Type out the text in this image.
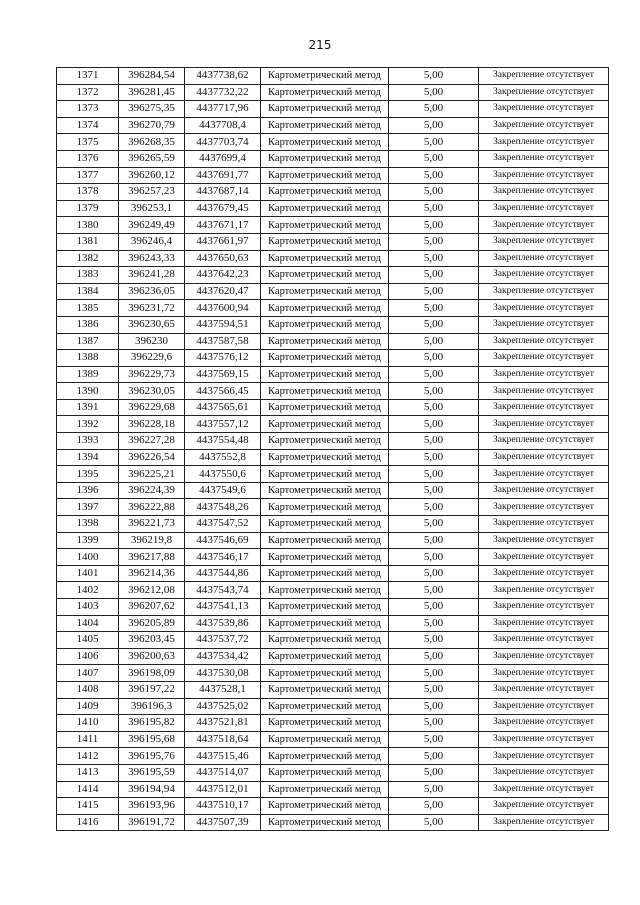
215
1371	396284,54	4437738,62	Картометрический метод	5,00	Закрепление отсутствует
1372	396281,45	4437732,22	Картометрический метод	5,00	Закрепление отсутствует
1373	396275,35	4437717,96	Картометрический метод	5,00	Закрепление отсутствует
1374	396270,79	4437708,4	Картометрический метод	5,00	Закрепление отсутствует
1375	396268,35	4437703,74	Картометрический метод	5,00	Закрепление отсутствует
1376	396265,59	4437699,4	Картометрический метод	5,00	Закрепление отсутствует
1377	396260,12	4437691,77	Картометрический метод	5,00	Закрепление отсутствует
1378	396257,23	4437687,14	Картометрический метод	5,00	Закрепление отсутствует
1379	396253,1	4437679,45	Картометрический метод	5,00	Закрепление отсутствует
1380	396249,49	4437671,17	Картометрический метод	5,00	Закрепление отсутствует
1381	396246,4	4437661,97	Картометрический метод	5,00	Закрепление отсутствует
1382	396243,33	4437650,63	Картометрический метод	5,00	Закрепление отсутствует
1383	396241,28	4437642,23	Картометрический метод	5,00	Закрепление отсутствует
1384	396236,05	4437620,47	Картометрический метод	5,00	Закрепление отсутствует
1385	396231,72	4437600,94	Картометрический метод	5,00	Закрепление отсутствует
1386	396230,65	4437594,51	Картометрический метод	5,00	Закрепление отсутствует
1387	396230	4437587,58	Картометрический метод	5,00	Закрепление отсутствует
1388	396229,6	4437576,12	Картометрический метод	5,00	Закрепление отсутствует
1389	396229,73	4437569,15	Картометрический метод	5,00	Закрепление отсутствует
1390	396230,05	4437566,45	Картометрический метод	5,00	Закрепление отсутствует
1391	396229,68	4437565,61	Картометрический метод	5,00	Закрепление отсутствует
1392	396228,18	4437557,12	Картометрический метод	5,00	Закрепление отсутствует
1393	396227,28	4437554,48	Картометрический метод	5,00	Закрепление отсутствует
1394	396226,54	4437552,8	Картометрический метод	5,00	Закрепление отсутствует
1395	396225,21	4437550,6	Картометрический метод	5,00	Закрепление отсутствует
1396	396224,39	4437549,6	Картометрический метод	5,00	Закрепление отсутствует
1397	396222,88	4437548,26	Картометрический метод	5,00	Закрепление отсутствует
1398	396221,73	4437547,52	Картометрический метод	5,00	Закрепление отсутствует
1399	396219,8	4437546,69	Картометрический метод	5,00	Закрепление отсутствует
1400	396217,88	4437546,17	Картометрический метод	5,00	Закрепление отсутствует
1401	396214,36	4437544,86	Картометрический метод	5,00	Закрепление отсутствует
1402	396212,08	4437543,74	Картометрический метод	5,00	Закрепление отсутствует
1403	396207,62	4437541,13	Картометрический метод	5,00	Закрепление отсутствует
1404	396205,89	4437539,86	Картометрический метод	5,00	Закрепление отсутствует
1405	396203,45	4437537,72	Картометрический метод	5,00	Закрепление отсутствует
1406	396200,63	4437534,42	Картометрический метод	5,00	Закрепление отсутствует
1407	396198,09	4437530,08	Картометрический метод	5,00	Закрепление отсутствует
1408	396197,22	4437528,1	Картометрический метод	5,00	Закрепление отсутствует
1409	396196,3	4437525,02	Картометрический метод	5,00	Закрепление отсутствует
1410	396195,82	4437521,81	Картометрический метод	5,00	Закрепление отсутствует
1411	396195,68	4437518,64	Картометрический метод	5,00	Закрепление отсутствует
1412	396195,76	4437515,46	Картометрический метод	5,00	Закрепление отсутствует
1413	396195,59	4437514,07	Картометрический метод	5,00	Закрепление отсутствует
1414	396194,94	4437512,01	Картометрический метод	5,00	Закрепление отсутствует
1415	396193,96	4437510,17	Картометрический метод	5,00	Закрепление отсутствует
1416	396191,72	4437507,39	Картометрический метод	5,00	Закрепление отсутствует
